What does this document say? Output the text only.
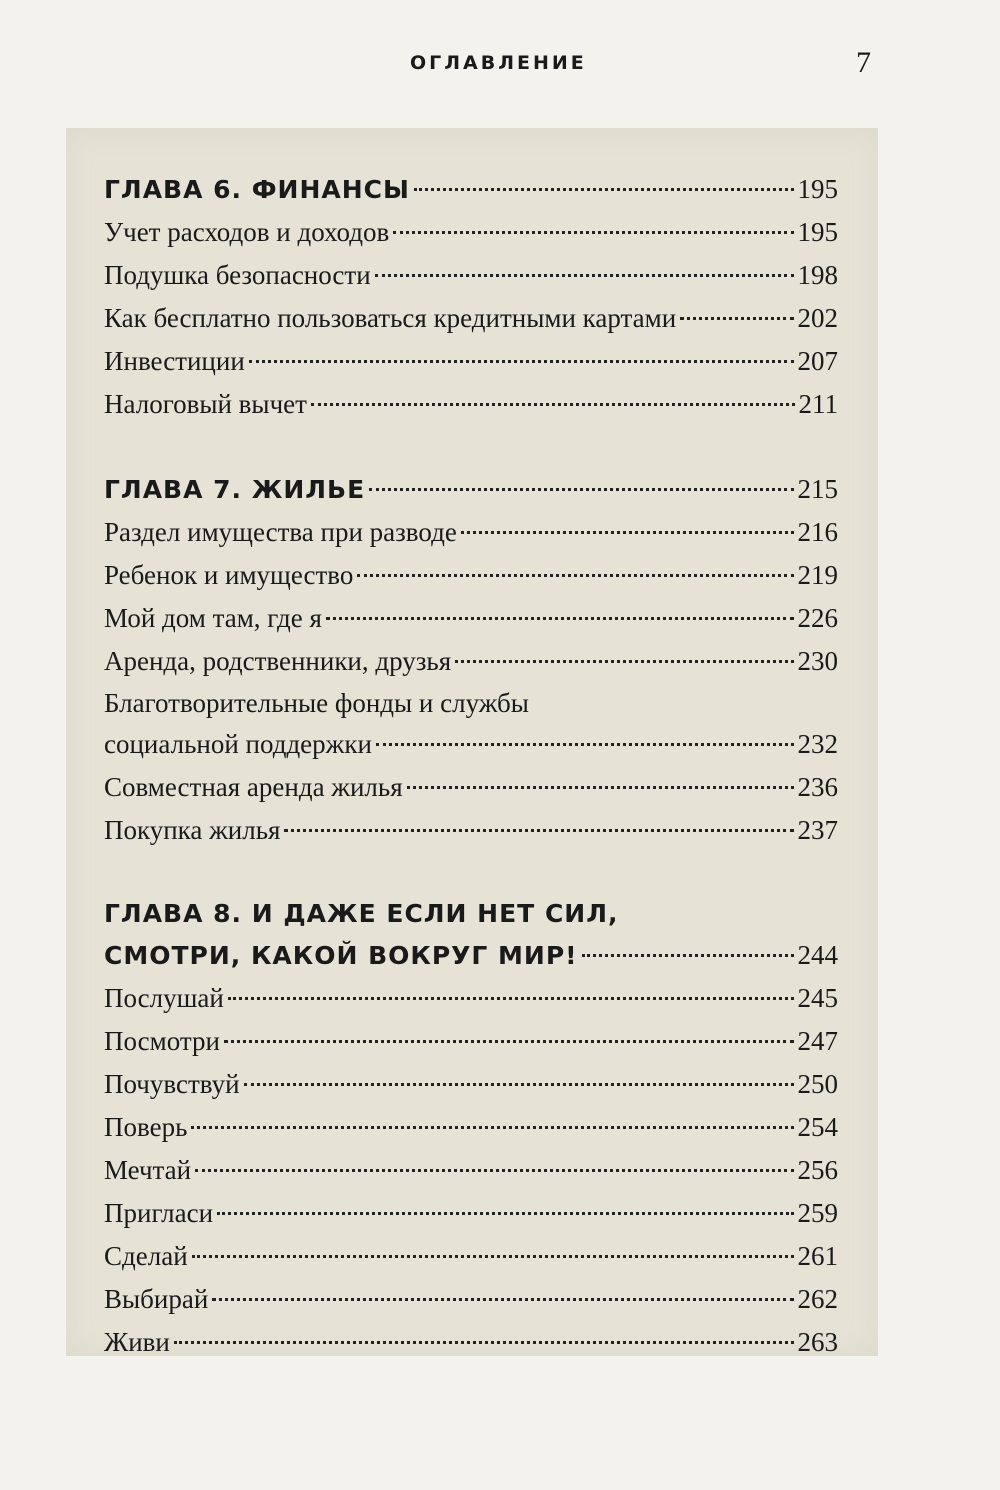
ОГЛАВЛЕНИЕ	7
ГЛАВА 6. ФИНАНСЫ	195
Учет расходов и доходов	195
Подушка безопасности	198
Как бесплатно пользоваться кредитными картами	202
Инвестиции	207
Налоговый вычет	211
ГЛАВА 7. ЖИЛЬЕ	215
Раздел имущества при разводе	216
Ребенок и имущество	219
Мой дом там, где я	226
Аренда, родственники, друзья	230
Благотворительные фонды и службы
социальной поддержки	232
Совместная аренда жилья	236
Покупка жилья	237
ГЛАВА 8. И ДАЖЕ ЕСЛИ НЕТ СИЛ,
СМОТРИ, КАКОЙ ВОКРУГ МИР!	244
Послушай	245
Посмотри	247
Почувствуй	250
Поверь	254
Мечтай	256
Пригласи	259
Сделай	261
Выбирай	262
Живи	263
